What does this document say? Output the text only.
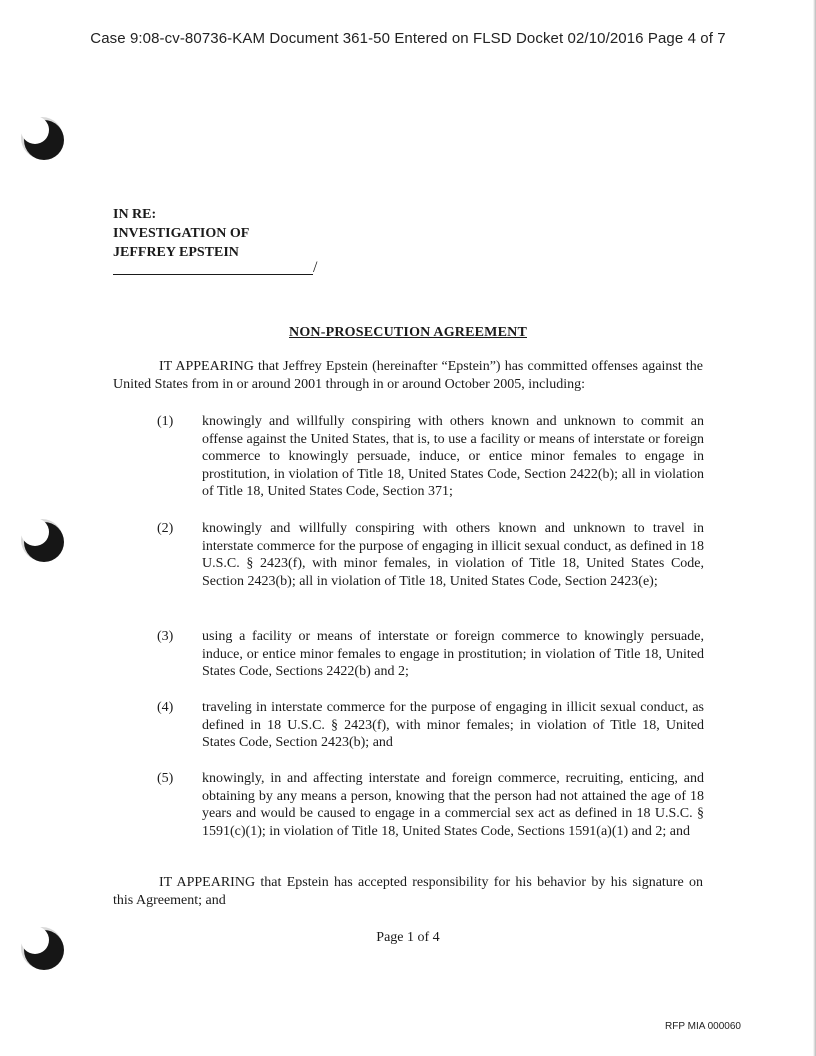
Case 9:08-cv-80736-KAM Document 361-50 Entered on FLSD Docket 02/10/2016 Page 4 of 7
IN RE:
INVESTIGATION OF
JEFFREY EPSTEIN
/
NON-PROSECUTION AGREEMENT
IT APPEARING that Jeffrey Epstein (hereinafter “Epstein”) has committed offenses against the United States from in or around 2001 through in or around October 2005, including:
(1) knowingly and willfully conspiring with others known and unknown to commit an offense against the United States, that is, to use a facility or means of interstate or foreign commerce to knowingly persuade, induce, or entice minor females to engage in prostitution, in violation of Title 18, United States Code, Section 2422(b); all in violation of Title 18, United States Code, Section 371;
(2) knowingly and willfully conspiring with others known and unknown to travel in interstate commerce for the purpose of engaging in illicit sexual conduct, as defined in 18 U.S.C. § 2423(f), with minor females, in violation of Title 18, United States Code, Section 2423(b); all in violation of Title 18, United States Code, Section 2423(e);
(3) using a facility or means of interstate or foreign commerce to knowingly persuade, induce, or entice minor females to engage in prostitution; in violation of Title 18, United States Code, Sections 2422(b) and 2;
(4) traveling in interstate commerce for the purpose of engaging in illicit sexual conduct, as defined in 18 U.S.C. § 2423(f), with minor females; in violation of Title 18, United States Code, Section 2423(b); and
(5) knowingly, in and affecting interstate and foreign commerce, recruiting, enticing, and obtaining by any means a person, knowing that the person had not attained the age of 18 years and would be caused to engage in a commercial sex act as defined in 18 U.S.C. § 1591(c)(1); in violation of Title 18, United States Code, Sections 1591(a)(1) and 2; and
IT APPEARING that Epstein has accepted responsibility for his behavior by his signature on this Agreement; and
Page 1 of 4
RFP MIA 000060
